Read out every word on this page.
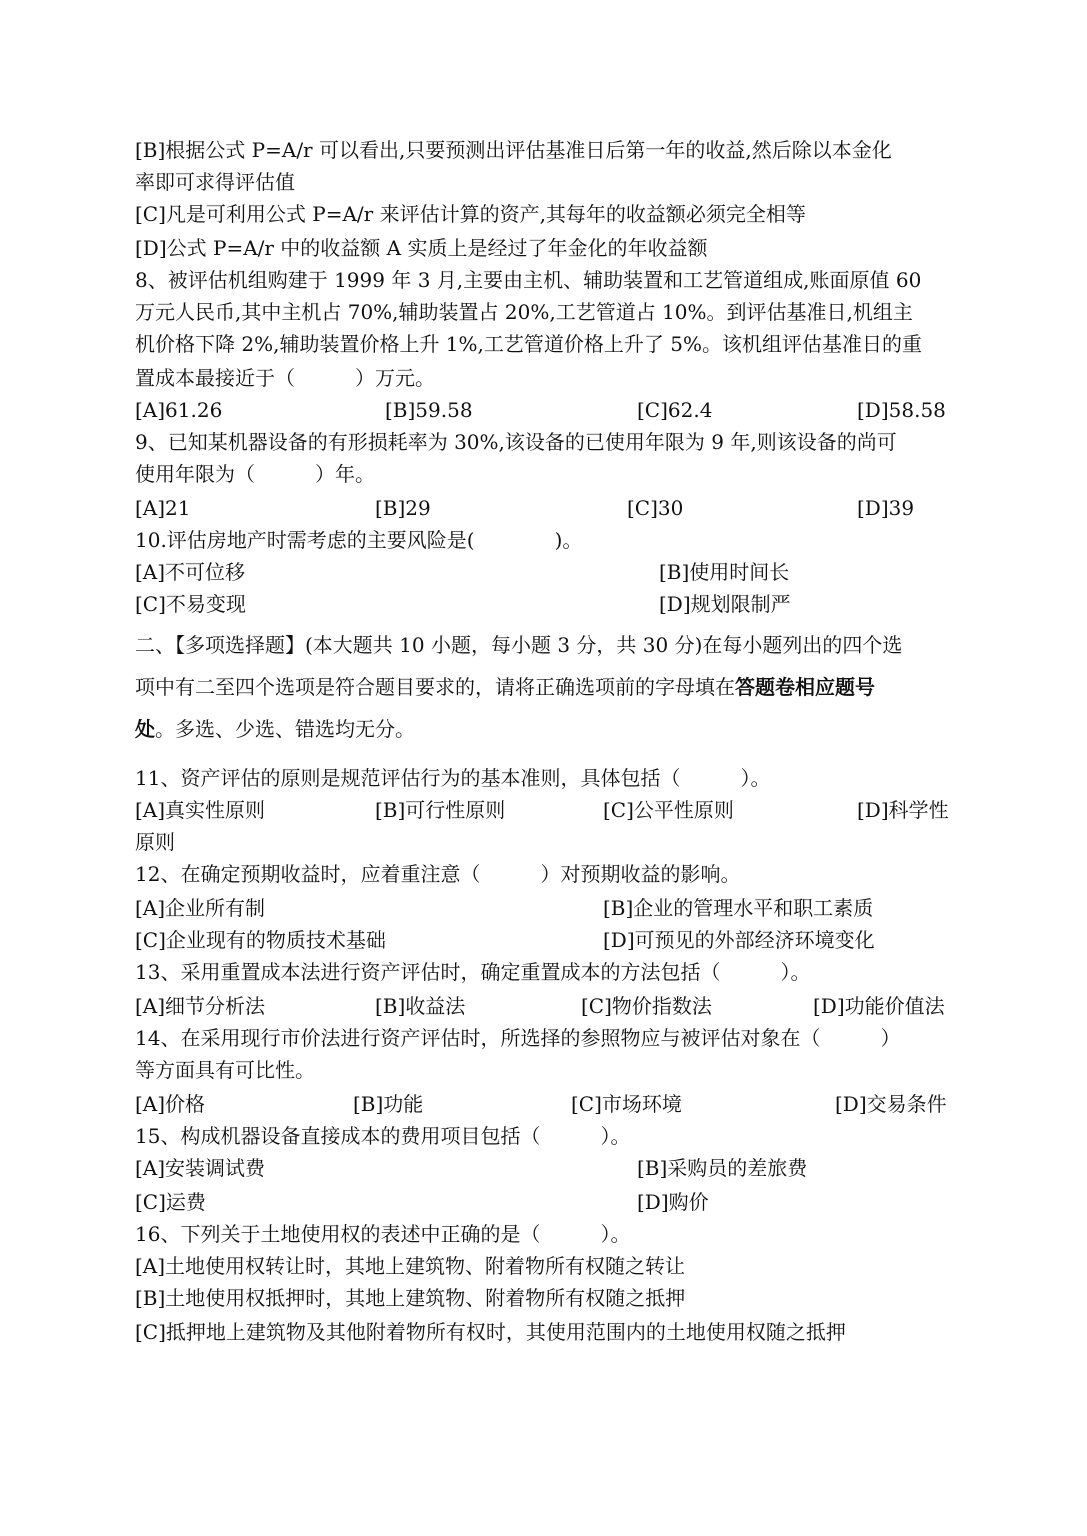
[B]根据公式 P=A/r 可以看出,只要预测出评估基准日后第一年的收益,然后除以本金化
率即可求得评估值
[C]凡是可利用公式 P=A/r 来评估计算的资产,其每年的收益额必须完全相等
[D]公式 P=A/r 中的收益额 A 实质上是经过了年金化的年收益额
8、被评估机组购建于 1999 年 3 月,主要由主机、辅助装置和工艺管道组成,账面原值 60
万元人民币,其中主机占 70%,辅助装置占 20%,工艺管道占 10%。到评估基准日,机组主
机价格下降 2%,辅助装置价格上升 1%,工艺管道价格上升了 5%。该机组评估基准日的重
置成本最接近于（　　　）万元。
[A]61.26	[B]59.58	[C]62.4	[D]58.58
9、已知某机器设备的有形损耗率为 30%,该设备的已使用年限为 9 年,则该设备的尚可
使用年限为（　　　）年。
[A]21	[B]29	[C]30	[D]39
10.评估房地产时需考虑的主要风险是(　　　　)。
[A]不可位移	[B]使用时间长
[C]不易变现	[D]规划限制严
二、【多项选择题】(本大题共 10 小题，每小题 3 分，共 30 分)在每小题列出的四个选
项中有二至四个选项是符合题目要求的，请将正确选项前的字母填在答题卷相应题号
处。多选、少选、错选均无分。
11、资产评估的原则是规范评估行为的基本准则，具体包括（　　　）。
[A]真实性原则	[B]可行性原则	[C]公平性原则	[D]科学性
原则
12、在确定预期收益时，应着重注意（　　　）对预期收益的影响。
[A]企业所有制	[B]企业的管理水平和职工素质
[C]企业现有的物质技术基础	[D]可预见的外部经济环境变化
13、采用重置成本法进行资产评估时，确定重置成本的方法包括（　　　）。
[A]细节分析法	[B]收益法	[C]物价指数法	[D]功能价值法
14、在采用现行市价法进行资产评估时，所选择的参照物应与被评估对象在（　　　）
等方面具有可比性。
[A]价格	[B]功能	[C]市场环境	[D]交易条件
15、构成机器设备直接成本的费用项目包括（　　　）。
[A]安装调试费	[B]采购员的差旅费
[C]运费	[D]购价
16、下列关于土地使用权的表述中正确的是（　　　）。
[A]土地使用权转让时，其地上建筑物、附着物所有权随之转让
[B]土地使用权抵押时，其地上建筑物、附着物所有权随之抵押
[C]抵押地上建筑物及其他附着物所有权时，其使用范围内的土地使用权随之抵押
